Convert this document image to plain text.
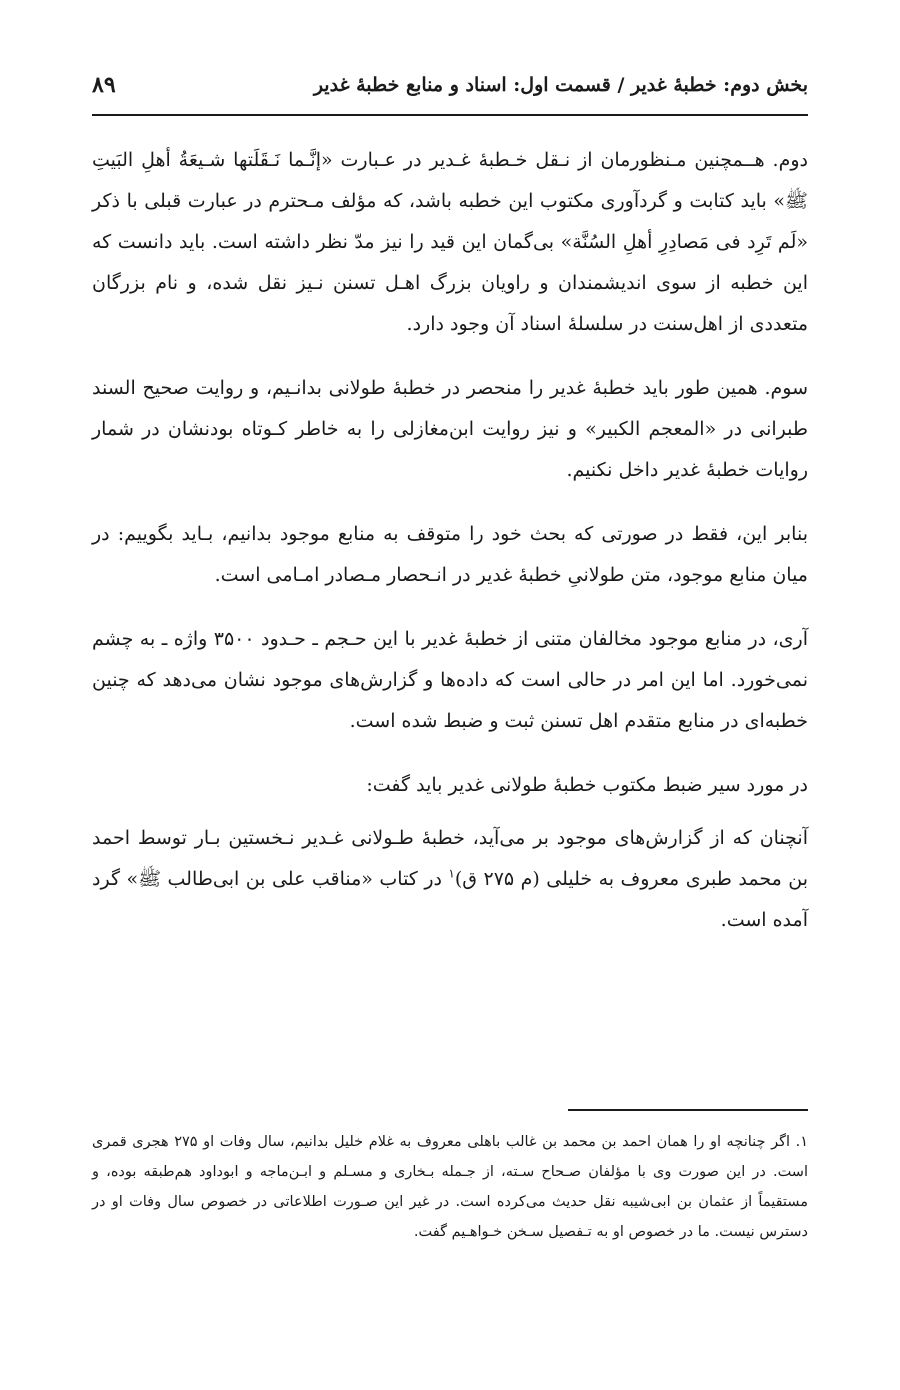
بخش دوم: خطبهٔ غدیر / قسمت اول: اسناد و منابع خطبهٔ غدیر
۸۹

دوم. هــمچنین مـنظورمان از نـقل خـطبهٔ غـدیر در عـبارت «إنَّـما نَـقَلَتها شـیعَةُ أهلِ البَیتِ ﷺ» باید کتابت و گردآوری مکتوب این خطبه باشد، که مؤلف مـحترم در عبارت قبلی با ذکر «لَم تَرِد فی مَصادِرِ أهلِ السُنَّة» بی‌گمان این قید را نیز مدّ نظر داشته است. باید دانست که این خطبه از سوی اندیشمندان و راویان بزرگ اهـل تسنن نـیز نقل شده، و نام بزرگان متعددی از اهل‌سنت در سلسلهٔ اسناد آن وجود دارد.

سوم. همین طور باید خطبهٔ غدیر را منحصر در خطبهٔ طولانی بدانـیم، و روایت صحیح السند طبرانی در «المعجم الکبیر» و نیز روایت ابن‌مغازلی را به خاطر کـوتاه بودنشان در شمار روایات خطبهٔ غدیر داخل نکنیم.

بنابر این، فقط در صورتی که بحث خود را متوقف به منابع موجود بدانیم، بـاید بگوییم: در میان منابع موجود، متن طولانیِ خطبهٔ غدیر در انـحصار مـصادر امـامی است.

آری، در منابع موجود مخالفان متنی از خطبهٔ غدیر با این حـجم ـ حـدود ۳۵۰۰ واژه ـ به چشم نمی‌خورد. اما این امر در حالی است که داده‌ها و گزارش‌های موجود نشان می‌دهد که چنین خطبه‌ای در منابع متقدم اهل تسنن ثبت و ضبط شده است.

در مورد سیر ضبط مکتوب خطبهٔ طولانی غدیر باید گفت:

آنچنان که از گزارش‌های موجود بر می‌آید، خطبهٔ طـولانی غـدیر نـخستین بـار توسط احمد بن محمد طبری معروف به خلیلی (م ۲۷۵ ق)$^۱$ در کتاب «مناقب علی بن ابی‌طالب ﷺ» گرد آمده است.

۱. اگر چنانچه او را همان احمد بن محمد بن غالب باهلی معروف به غلام خلیل بدانیم، سال وفات او ۲۷۵ هجری قمری است. در این صورت وی با مؤلفان صـحاح سـته، از جـمله بـخاری و مسـلم و ابـن‌ماجه و ابوداود هم‌طبقه بوده، و مستقیماً از عثمان بن ابی‌شیبه نقل حدیث می‌کرده است. در غیر این صـورت اطلاعاتی در خصوص سال وفات او در دسترس نیست. ما در خصوص او به تـفصیل سـخن خـواهـیم گفت.
